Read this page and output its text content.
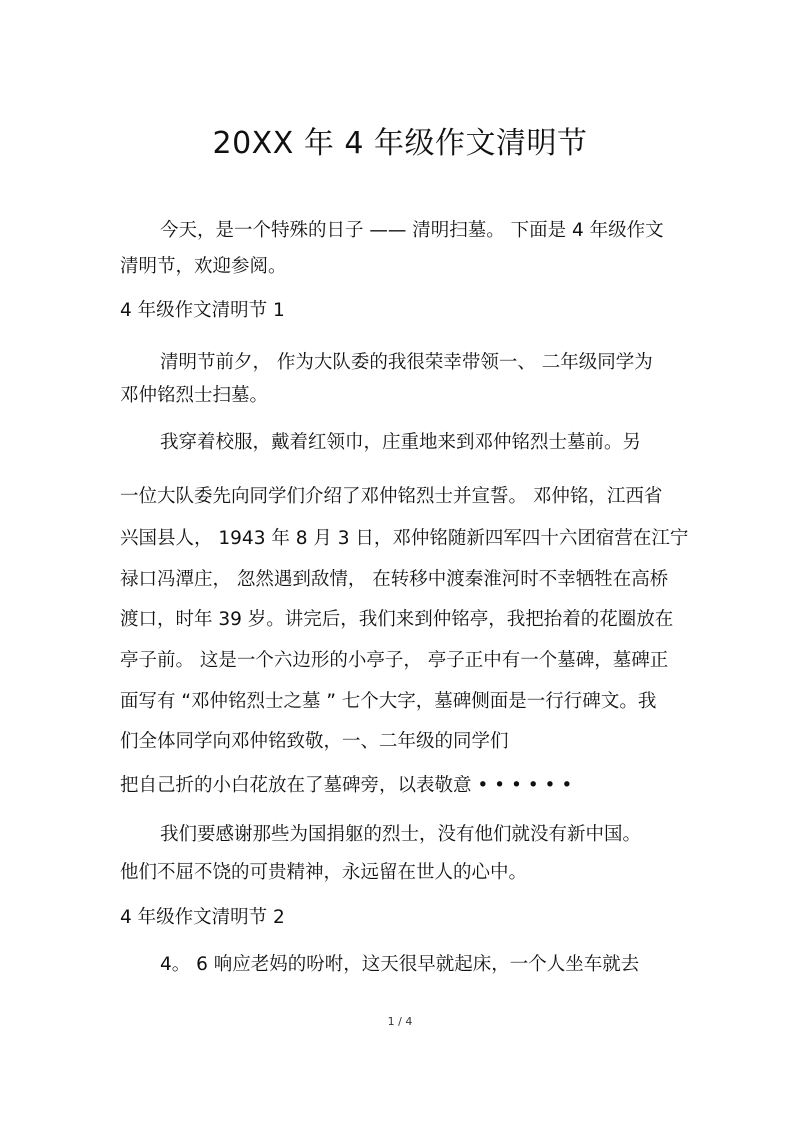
20XX 年 4 年级作文清明节

今天，是一个特殊的日子 —— 清明扫墓。 下面是 4 年级作文

清明节，欢迎参阅。

4 年级作文清明节 1

清明节前夕， 作为大队委的我很荣幸带领一、 二年级同学为

邓仲铭烈士扫墓。

我穿着校服，戴着红领巾，庄重地来到邓仲铭烈士墓前。另

一位大队委先向同学们介绍了邓仲铭烈士并宣誓。 邓仲铭，江西省

兴国县人， 1943 年 8 月 3 日，邓仲铭随新四军四十六团宿营在江宁

禄口冯潭庄， 忽然遇到敌情， 在转移中渡秦淮河时不幸牺牲在高桥

渡口，时年 39 岁。讲完后，我们来到仲铭亭，我把抬着的花圈放在

亭子前。 这是一个六边形的小亭子， 亭子正中有一个墓碑，墓碑正

面写有 “邓仲铭烈士之墓 ” 七个大字，墓碑侧面是一行行碑文。我

们全体同学向邓仲铭致敬，一、二年级的同学们

把自己折的小白花放在了墓碑旁，以表敬意 • • • • • •

我们要感谢那些为国捐躯的烈士，没有他们就没有新中国。

他们不屈不饶的可贵精神，永远留在世人的心中。

4 年级作文清明节 2

4。 6 响应老妈的吩咐，这天很早就起床，一个人坐车就去

1 / 4
